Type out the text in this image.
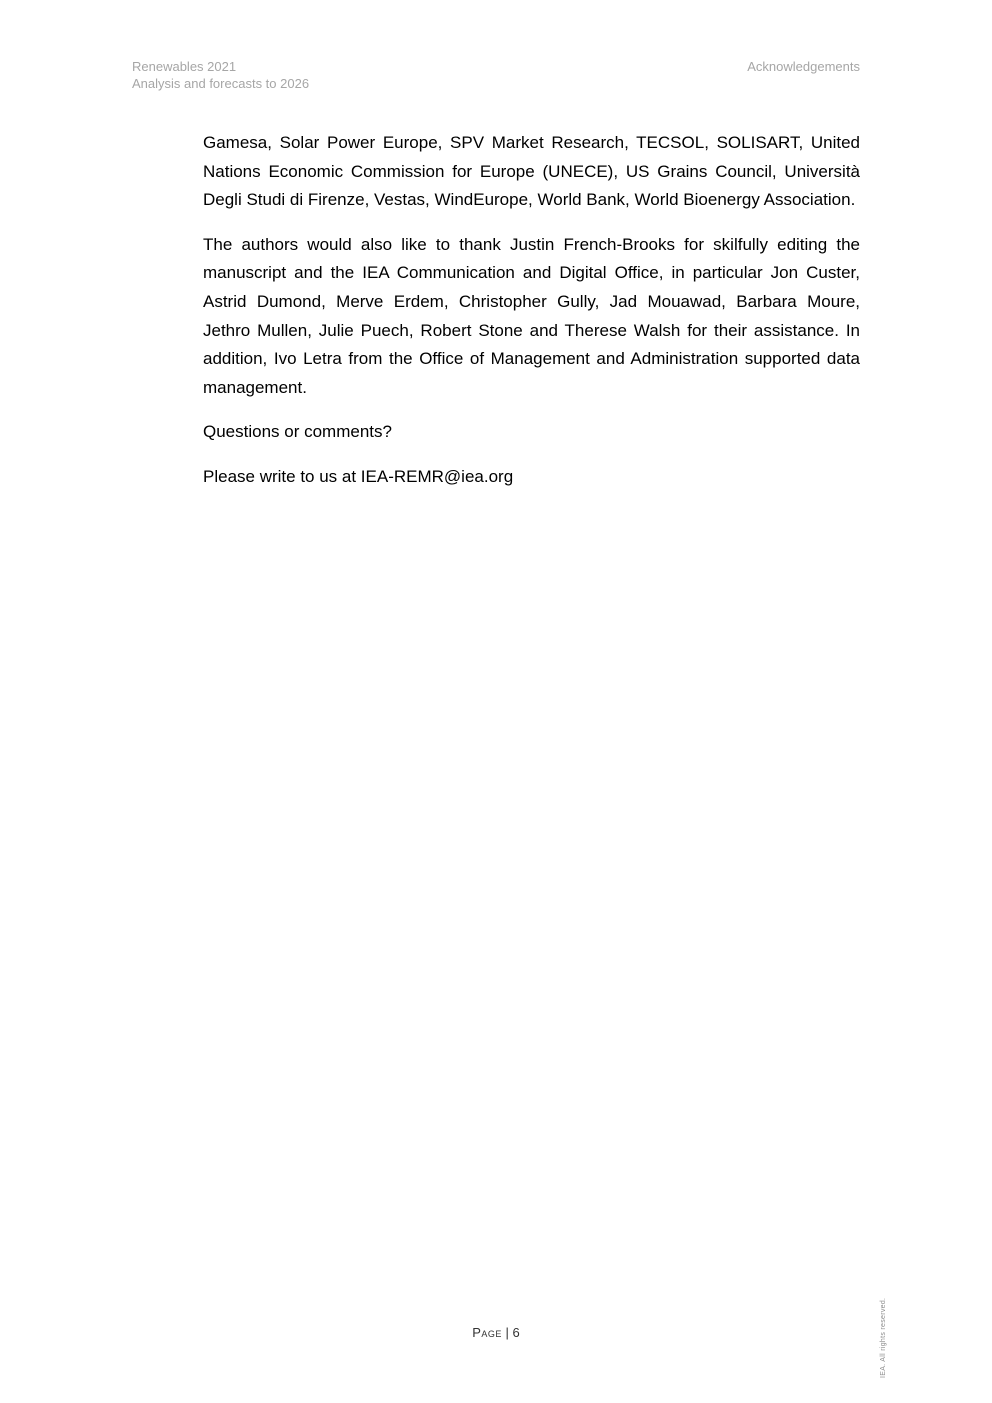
Renewables 2021
Analysis and forecasts to 2026
Acknowledgements

Gamesa, Solar Power Europe, SPV Market Research, TECSOL, SOLISART, United Nations Economic Commission for Europe (UNECE), US Grains Council, Università Degli Studi di Firenze, Vestas, WindEurope, World Bank, World Bioenergy Association.

The authors would also like to thank Justin French-Brooks for skilfully editing the manuscript and the IEA Communication and Digital Office, in particular Jon Custer, Astrid Dumond, Merve Erdem, Christopher Gully, Jad Mouawad, Barbara Moure, Jethro Mullen, Julie Puech, Robert Stone and Therese Walsh for their assistance. In addition, Ivo Letra from the Office of Management and Administration supported data management.

Questions or comments?

Please write to us at IEA-REMR@iea.org

Page | 6	IEA. All rights reserved.
